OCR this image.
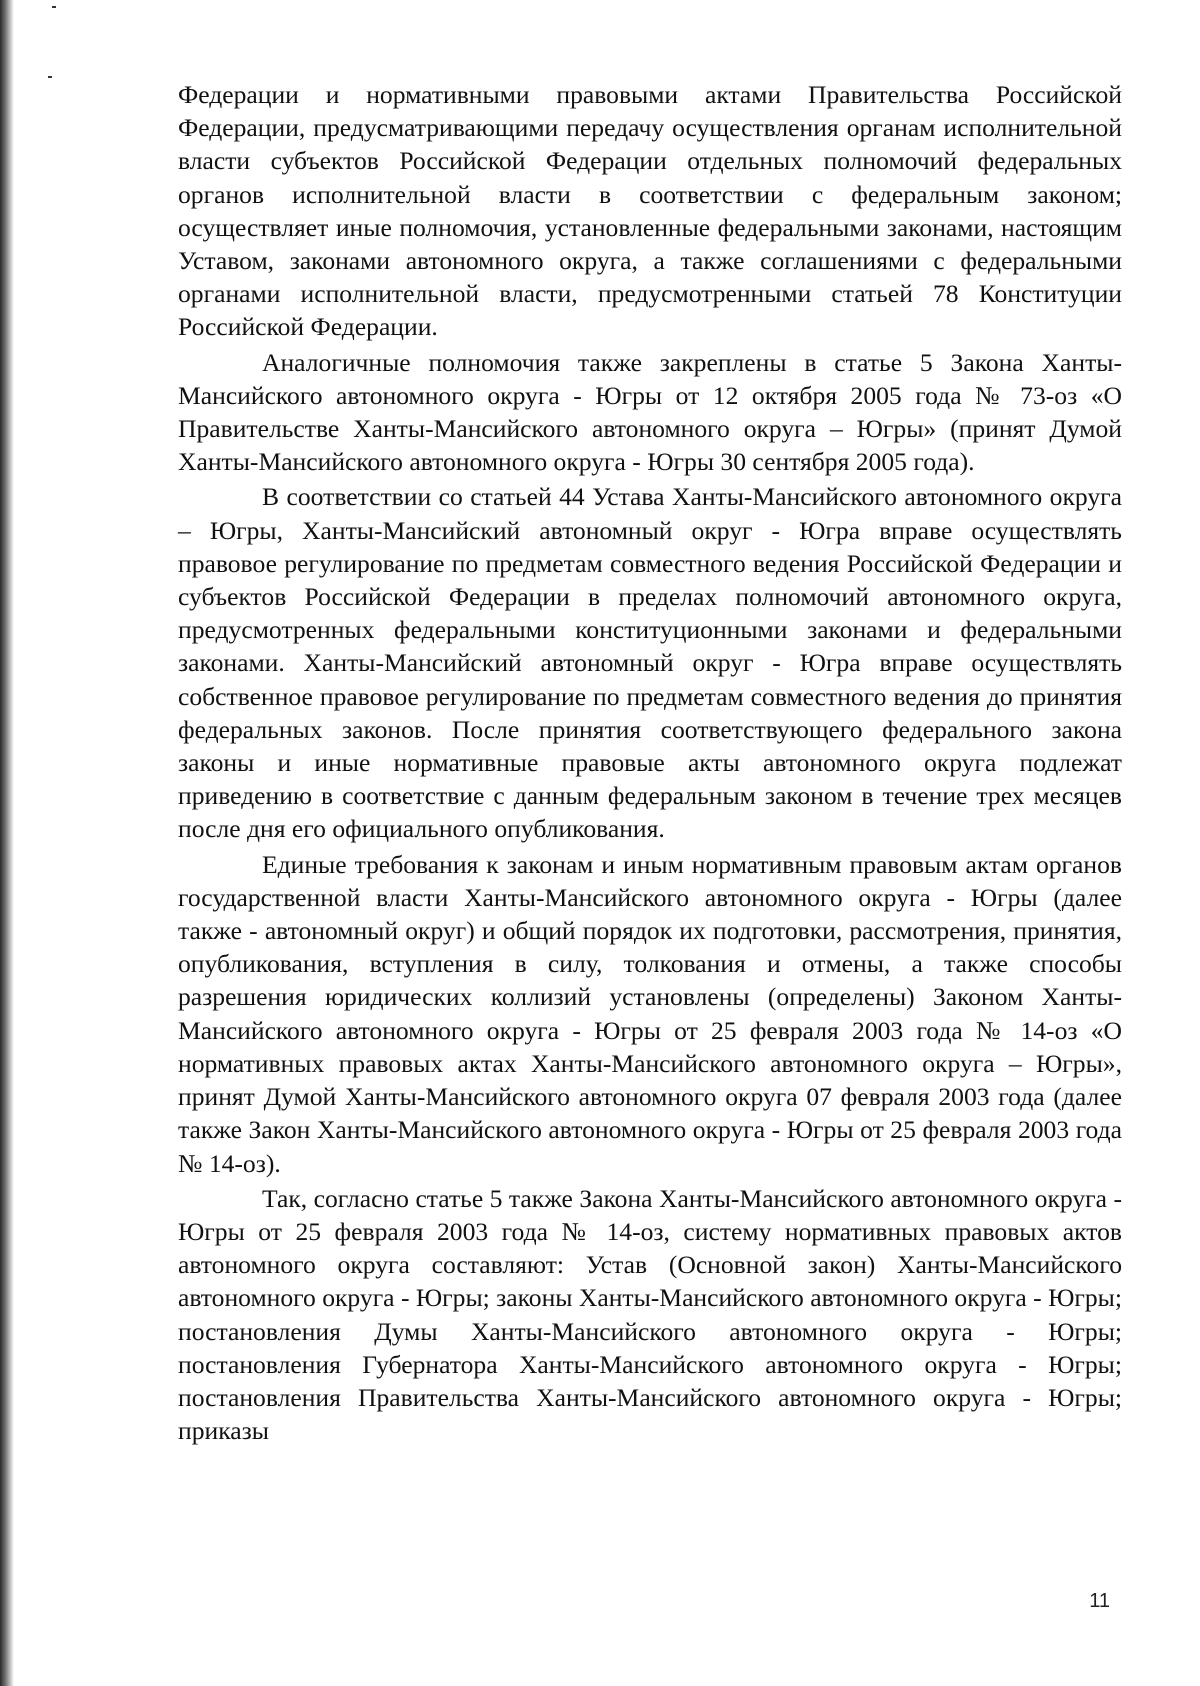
Федерации и нормативными правовыми актами Правительства Российской Федерации, предусматривающими передачу осуществления органам исполнительной власти субъектов Российской Федерации отдельных полномочий федеральных органов исполнительной власти в соответствии с федеральным законом; осуществляет иные полномочия, установленные федеральными законами, настоящим Уставом, законами автономного округа, а также соглашениями с федеральными органами исполнительной власти, предусмотренными статьей 78 Конституции Российской Федерации.

Аналогичные полномочия также закреплены в статье 5 Закона Ханты-Мансийского автономного округа - Югры от 12 октября 2005 года № 73-оз «О Правительстве Ханты-Мансийского автономного округа – Югры» (принят Думой Ханты-Мансийского автономного округа - Югры 30 сентября 2005 года).

В соответствии со статьей 44 Устава Ханты-Мансийского автономного округа – Югры, Ханты-Мансийский автономный округ - Югра вправе осуществлять правовое регулирование по предметам совместного ведения Российской Федерации и субъектов Российской Федерации в пределах полномочий автономного округа, предусмотренных федеральными конституционными законами и федеральными законами. Ханты-Мансийский автономный округ - Югра вправе осуществлять собственное правовое регулирование по предметам совместного ведения до принятия федеральных законов. После принятия соответствующего федерального закона законы и иные нормативные правовые акты автономного округа подлежат приведению в соответствие с данным федеральным законом в течение трех месяцев после дня его официального опубликования.

Единые требования к законам и иным нормативным правовым актам органов государственной власти Ханты-Мансийского автономного округа - Югры (далее также - автономный округ) и общий порядок их подготовки, рассмотрения, принятия, опубликования, вступления в силу, толкования и отмены, а также способы разрешения юридических коллизий установлены (определены) Законом Ханты-Мансийского автономного округа - Югры от 25 февраля 2003 года № 14-оз «О нормативных правовых актах Ханты-Мансийского автономного округа – Югры», принят Думой Ханты-Мансийского автономного округа 07 февраля 2003 года (далее также Закон Ханты-Мансийского автономного округа - Югры от 25 февраля 2003 года № 14-оз).

Так, согласно статье 5 также Закона Ханты-Мансийского автономного округа - Югры от 25 февраля 2003 года № 14-оз, систему нормативных правовых актов автономного округа составляют: Устав (Основной закон) Ханты-Мансийского автономного округа - Югры; законы Ханты-Мансийского автономного округа - Югры; постановления Думы Ханты-Мансийского автономного округа - Югры; постановления Губернатора Ханты-Мансийского автономного округа - Югры; постановления Правительства Ханты-Мансийского автономного округа - Югры; приказы

11
